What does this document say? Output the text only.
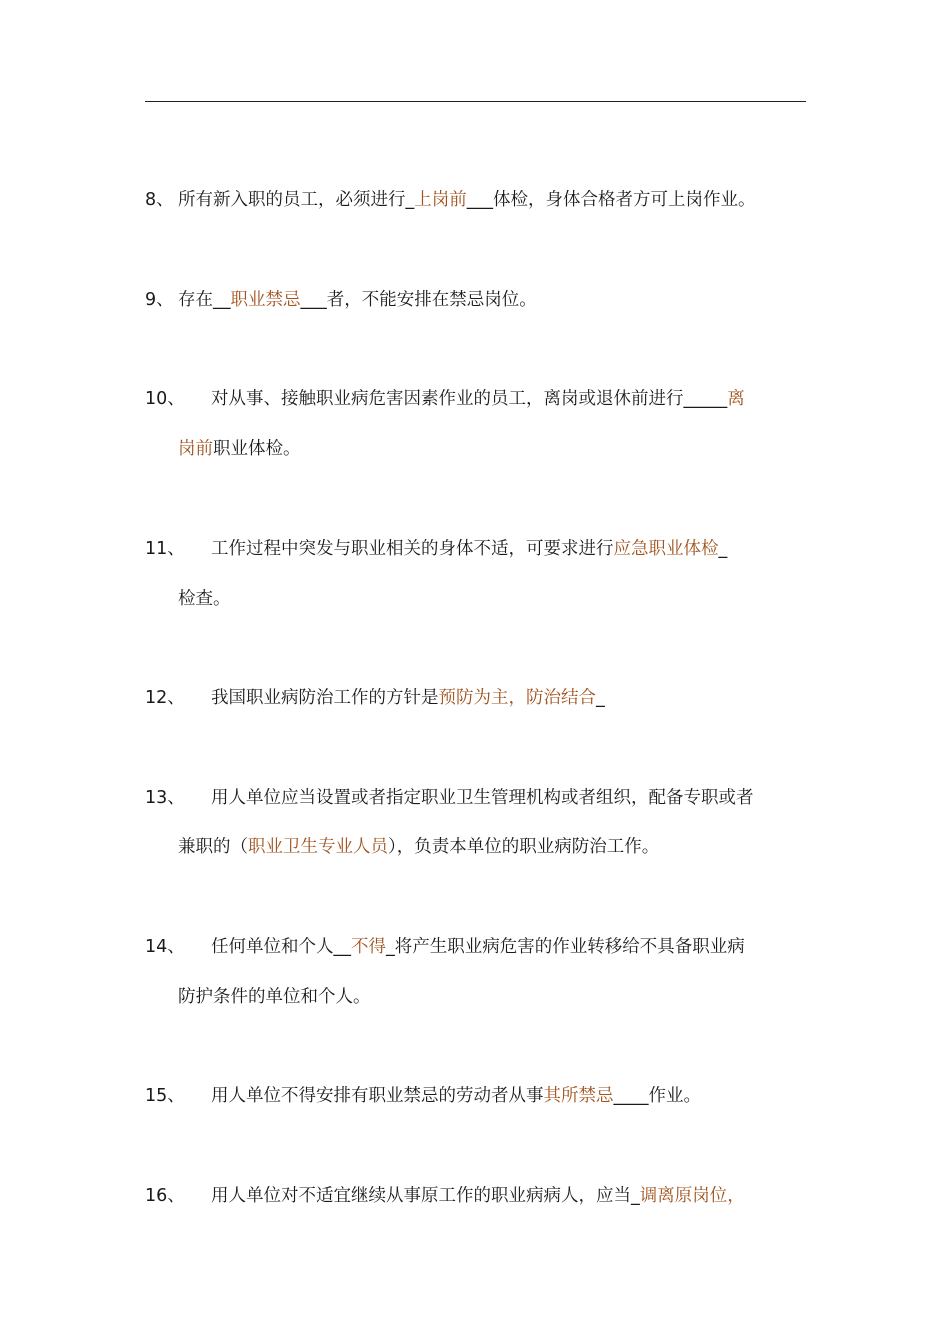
8、 所有新入职的员工，必须进行_上岗前___体检，身体合格者方可上岗作业。
9、 存在__职业禁忌___者，不能安排在禁忌岗位。
10、 对从事、接触职业病危害因素作业的员工，离岗或退休前进行_____离
岗前职业体检。
11、 工作过程中突发与职业相关的身体不适，可要求进行应急职业体检_
检查。
12、 我国职业病防治工作的方针是预防为主，防治结合_
13、 用人单位应当设置或者指定职业卫生管理机构或者组织，配备专职或者
兼职的（职业卫生专业人员），负责本单位的职业病防治工作。
14、 任何单位和个人__不得_将产生职业病危害的作业转移给不具备职业病
防护条件的单位和个人。
15、 用人单位不得安排有职业禁忌的劳动者从事其所禁忌____作业。
16、 用人单位对不适宜继续从事原工作的职业病病人，应当_调离原岗位，
